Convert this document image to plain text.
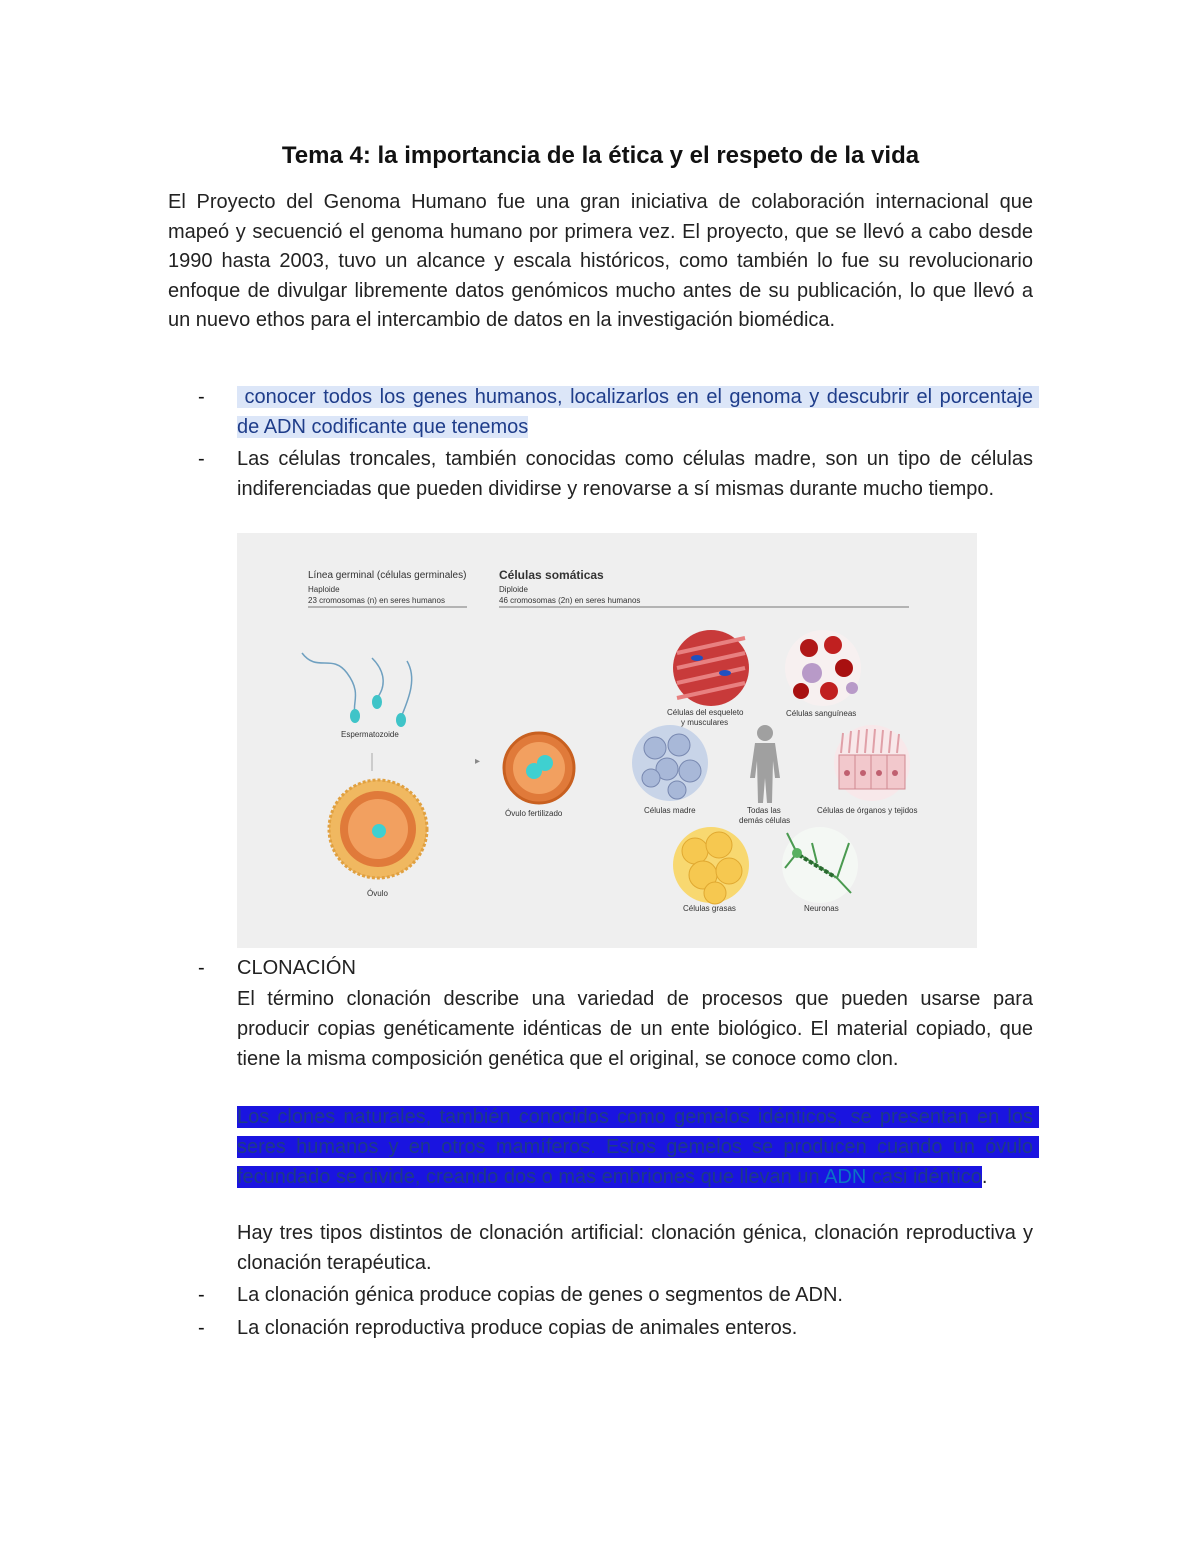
Tema 4: la importancia de la ética y el respeto de la vida
El Proyecto del Genoma Humano fue una gran iniciativa de colaboración internacional que mapeó y secuenció el genoma humano por primera vez. El proyecto, que se llevó a cabo desde 1990 hasta 2003, tuvo un alcance y escala históricos, como también lo fue su revolucionario enfoque de divulgar libremente datos genómicos mucho antes de su publicación, lo que llevó a un nuevo ethos para el intercambio de datos en la investigación biomédica.
-	conocer todos los genes humanos, localizarlos en el genoma y descubrir el porcentaje de ADN codificante que tenemos
-	Las células troncales, también conocidas como células madre, son un tipo de células indiferenciadas que pueden dividirse y renovarse a sí mismas durante mucho tiempo.
Línea germinal (células germinales)
Haploide
23 cromosomas (n) en seres humanos
Células somáticas
Diploide
46 cromosomas (2n) en seres humanos
Espermatozoide
Óvulo
▸
Óvulo fertilizado
Células del esqueleto
y musculares
Células sanguíneas
Células madre	Todas las
demás células
Células de órganos y tejidos
Células grasas	Neuronas
-	CLONACIÓN
El término clonación describe una variedad de procesos que pueden usarse para producir copias genéticamente idénticas de un ente biológico. El material copiado, que tiene la misma composición genética que el original, se conoce como clon.
Los clones naturales, también conocidos como gemelos idénticos, se presentan en los seres humanos y en otros mamíferos. Estos gemelos se producen cuando un óvulo fecundado se divide, creando dos o más embriones que llevan un ADN casi idéntico.
Hay tres tipos distintos de clonación artificial: clonación génica, clonación reproductiva y clonación terapéutica.
-	La clonación génica produce copias de genes o segmentos de ADN.
-	La clonación reproductiva produce copias de animales enteros.
